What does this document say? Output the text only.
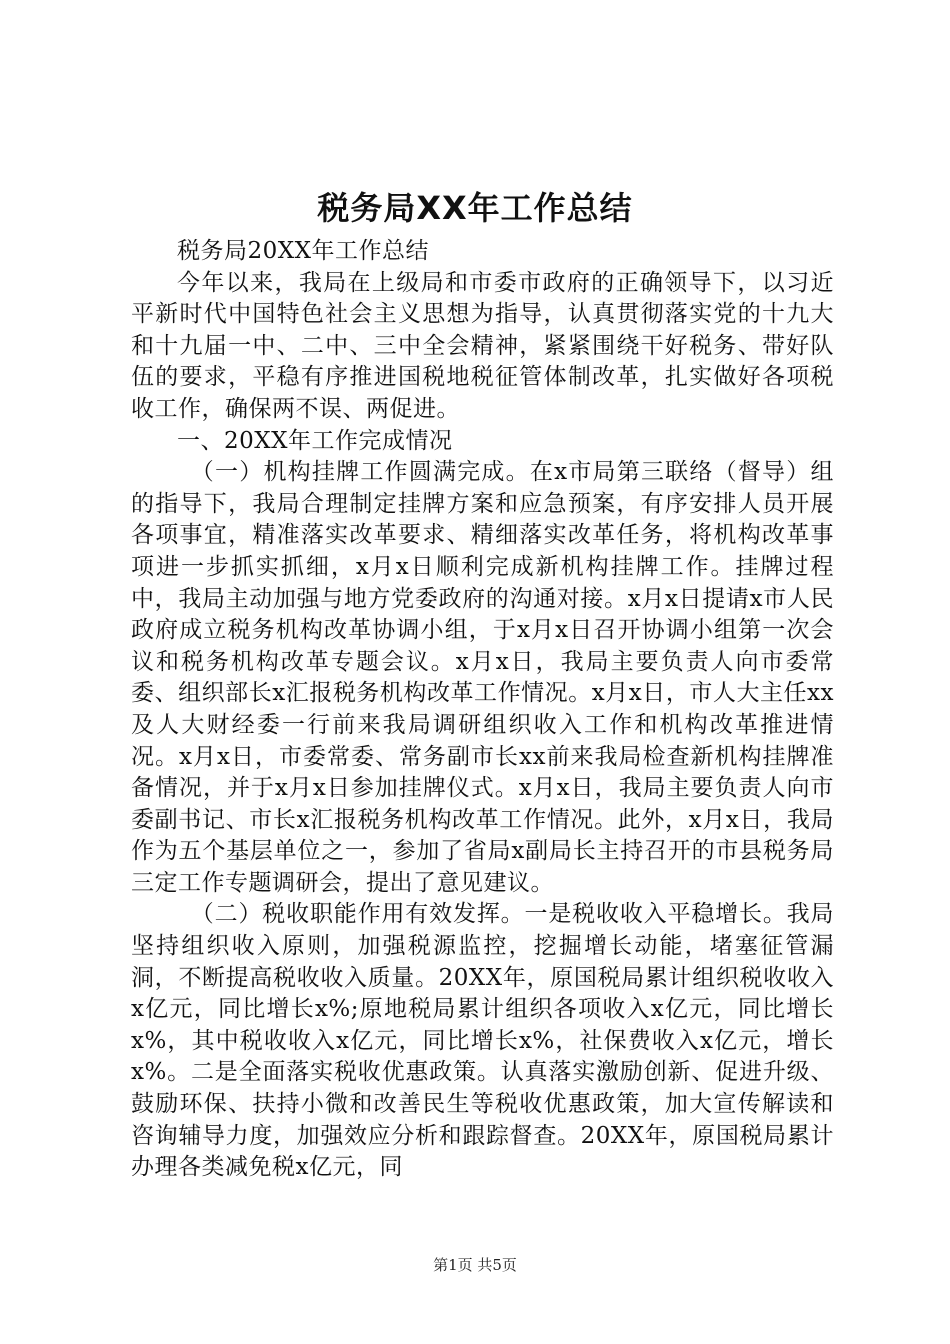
税务局XX年工作总结

税务局20XX年工作总结

今年以来，我局在上级局和市委市政府的正确领导下，以习近平新时代中国特色社会主义思想为指导，认真贯彻落实党的十九大和十九届一中、二中、三中全会精神，紧紧围绕干好税务、带好队伍的要求，平稳有序推进国税地税征管体制改革，扎实做好各项税收工作，确保两不误、两促进。

一、20XX年工作完成情况

（一）机构挂牌工作圆满完成。在x市局第三联络（督导）组的指导下，我局合理制定挂牌方案和应急预案，有序安排人员开展各项事宜，精准落实改革要求、精细落实改革任务，将机构改革事项进一步抓实抓细，x月x日顺利完成新机构挂牌工作。挂牌过程中，我局主动加强与地方党委政府的沟通对接。x月x日提请x市人民政府成立税务机构改革协调小组，于x月x日召开协调小组第一次会议和税务机构改革专题会议。x月x日，我局主要负责人向市委常委、组织部长x汇报税务机构改革工作情况。x月x日，市人大主任xx及人大财经委一行前来我局调研组织收入工作和机构改革推进情况。x月x日，市委常委、常务副市长xx前来我局检查新机构挂牌准备情况，并于x月x日参加挂牌仪式。x月x日，我局主要负责人向市委副书记、市长x汇报税务机构改革工作情况。此外，x月x日，我局作为五个基层单位之一，参加了省局x副局长主持召开的市县税务局三定工作专题调研会，提出了意见建议。

（二）税收职能作用有效发挥。一是税收收入平稳增长。我局坚持组织收入原则，加强税源监控，挖掘增长动能，堵塞征管漏洞，不断提高税收收入质量。20XX年，原国税局累计组织税收收入x亿元，同比增长x%;原地税局累计组织各项收入x亿元，同比增长x%，其中税收收入x亿元，同比增长x%，社保费收入x亿元，增长x%。二是全面落实税收优惠政策。认真落实激励创新、促进升级、鼓励环保、扶持小微和改善民生等税收优惠政策，加大宣传解读和咨询辅导力度，加强效应分析和跟踪督查。20XX年，原国税局累计办理各类减免税x亿元，同

第1页 共5页
